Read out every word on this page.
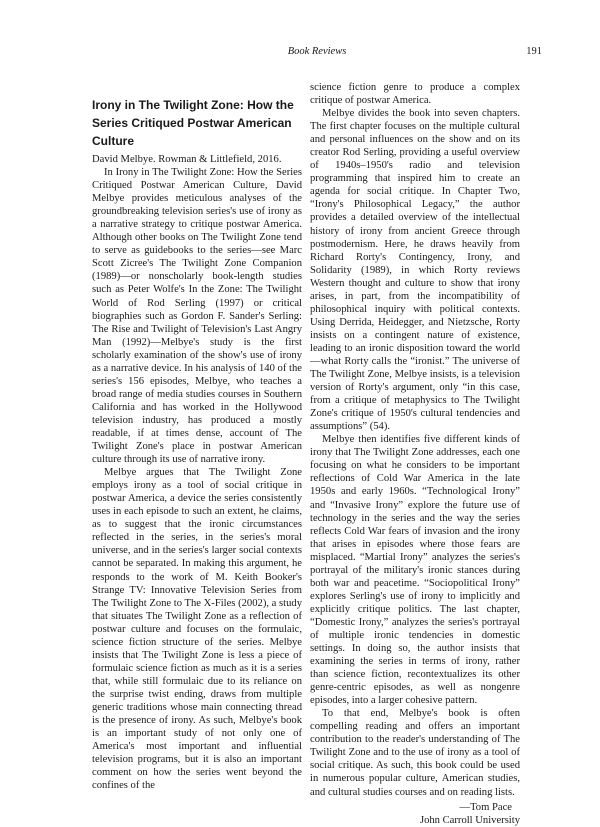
Book Reviews	191
Irony in The Twilight Zone: How the Series Critiqued Postwar American Culture

David Melbye. Rowman & Littlefield, 2016.

In Irony in The Twilight Zone: How the Series Critiqued Postwar American Culture, David Melbye provides meticulous analyses of the groundbreaking television series's use of irony as a narrative strategy to critique postwar America. Although other books on The Twilight Zone tend to serve as guidebooks to the series—see Marc Scott Zicree's The Twilight Zone Companion (1989)—or nonscholarly book-length studies such as Peter Wolfe's In the Zone: The Twilight World of Rod Serling (1997) or critical biographies such as Gordon F. Sander's Serling: The Rise and Twilight of Television's Last Angry Man (1992)—Melbye's study is the first scholarly examination of the show's use of irony as a narrative device. In his analysis of 140 of the series's 156 episodes, Melbye, who teaches a broad range of media studies courses in Southern California and has worked in the Hollywood television industry, has produced a mostly readable, if at times dense, account of The Twilight Zone's place in postwar American culture through its use of narrative irony.

Melbye argues that The Twilight Zone employs irony as a tool of social critique in postwar America, a device the series consistently uses in each episode to such an extent, he claims, as to suggest that the ironic circumstances reflected in the series, in the series's moral universe, and in the series's larger social contexts cannot be separated. In making this argument, he responds to the work of M. Keith Booker's Strange TV: Innovative Television Series from The Twilight Zone to The X-Files (2002), a study that situates The Twilight Zone as a reflection of postwar culture and focuses on the formulaic, science fiction structure of the series. Melbye insists that The Twilight Zone is less a piece of formulaic science fiction as much as it is a series that, while still formulaic due to its reliance on the surprise twist ending, draws from multiple generic traditions whose main connecting thread is the presence of irony. As such, Melbye's book is an important study of not only one of America's most important and influential television programs, but it is also an important comment on how the series went beyond the confines of the

science fiction genre to produce a complex critique of postwar America.

Melbye divides the book into seven chapters. The first chapter focuses on the multiple cultural and personal influences on the show and on its creator Rod Serling, providing a useful overview of 1940s–1950's radio and television programming that inspired him to create an agenda for social critique. In Chapter Two, “Irony's Philosophical Legacy,” the author provides a detailed overview of the intellectual history of irony from ancient Greece through postmodernism. Here, he draws heavily from Richard Rorty's Contingency, Irony, and Solidarity (1989), in which Rorty reviews Western thought and culture to show that irony arises, in part, from the incompatibility of philosophical inquiry with political contexts. Using Derrida, Heidegger, and Nietzsche, Rorty insists on a contingent nature of existence, leading to an ironic disposition toward the world—what Rorty calls the “ironist.” The universe of The Twilight Zone, Melbye insists, is a television version of Rorty's argument, only “in this case, from a critique of metaphysics to The Twilight Zone's critique of 1950's cultural tendencies and assumptions” (54).

Melbye then identifies five different kinds of irony that The Twilight Zone addresses, each one focusing on what he considers to be important reflections of Cold War America in the late 1950s and early 1960s. “Technological Irony” and “Invasive Irony” explore the future use of technology in the series and the way the series reflects Cold War fears of invasion and the irony that arises in episodes where those fears are misplaced. “Martial Irony” analyzes the series's portrayal of the military's ironic stances during both war and peacetime. “Sociopolitical Irony” explores Serling's use of irony to implicitly and explicitly critique politics. The last chapter, “Domestic Irony,” analyzes the series's portrayal of multiple ironic tendencies in domestic settings. In doing so, the author insists that examining the series in terms of irony, rather than science fiction, recontextualizes its other genre-centric episodes, as well as nongenre episodes, into a larger cohesive pattern.

To that end, Melbye's book is often compelling reading and offers an important contribution to the reader's understanding of The Twilight Zone and to the use of irony as a tool of social critique. As such, this book could be used in numerous popular culture, American studies, and cultural studies courses and on reading lists.

—Tom Pace
John Carroll University
